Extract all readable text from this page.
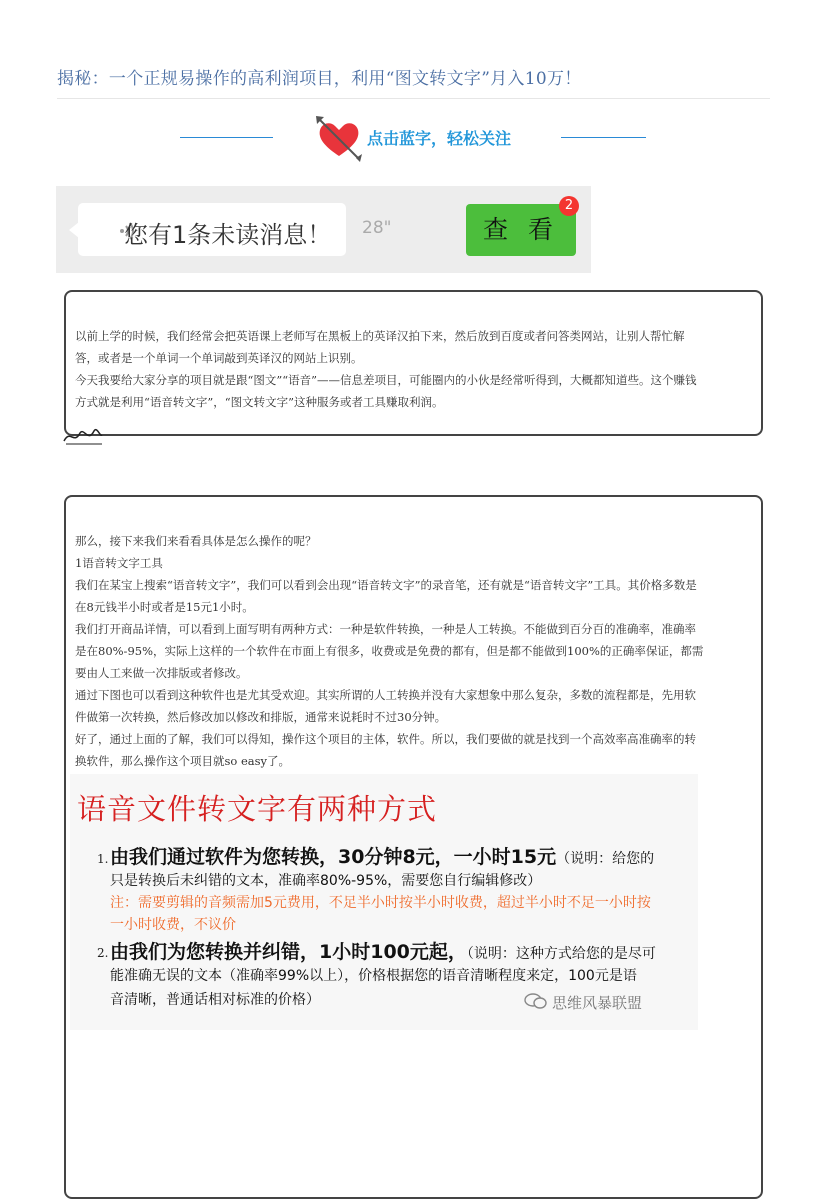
揭秘：一个正规易操作的高利润项目，利用“图文转文字”月入10万！
点击蓝字，轻松关注
您有1条未读消息！ 28"	查 看
2
以前上学的时候，我们经常会把英语课上老师写在黑板上的英译汉拍下来，然后放到百度或者问答类网站，让别人帮忙解
答，或者是一个单词一个单词敲到英译汉的网站上识别。
今天我要给大家分享的项目就是跟“图文”“语音”——信息差项目，可能圈内的小伙是经常听得到，大概都知道些。这个赚钱
方式就是利用“语音转文字”，“图文转文字”这种服务或者工具赚取利润。
那么，接下来我们来看看具体是怎么操作的呢？
1语音转文字工具
我们在某宝上搜索“语音转文字”，我们可以看到会出现“语音转文字”的录音笔，还有就是“语音转文字”工具。其价格多数是
在8元钱半小时或者是15元1小时。
我们打开商品详情，可以看到上面写明有两种方式：一种是软件转换，一种是人工转换。不能做到百分百的准确率，准确率
是在80%-95%，实际上这样的一个软件在市面上有很多，收费或是免费的都有，但是都不能做到100%的正确率保证，都需
要由人工来做一次排版或者修改。
通过下图也可以看到这种软件也是尤其受欢迎。其实所谓的人工转换并没有大家想象中那么复杂，多数的流程都是，先用软
件做第一次转换，然后修改加以修改和排版，通常来说耗时不过30分钟。
好了，通过上面的了解，我们可以得知，操作这个项目的主体，软件。所以，我们要做的就是找到一个高效率高准确率的转
换软件，那么操作这个项目就so easy了。
语音文件转文字有两种方式
1. 由我们通过软件为您转换，30分钟8元，一小时15元（说明：给您的
只是转换后未纠错的文本，准确率80%-95%，需要您自行编辑修改）
注：需要剪辑的音频需加5元费用，不足半小时按半小时收费，超过半小时不足一小时按
一小时收费，不议价
2. 由我们为您转换并纠错，1小时100元起，（说明：这种方式给您的是尽可
能准确无误的文本（准确率99%以上），价格根据您的语音清晰程度来定，100元是语
音清晰，普通话相对标准的价格）	思维风暴联盟
